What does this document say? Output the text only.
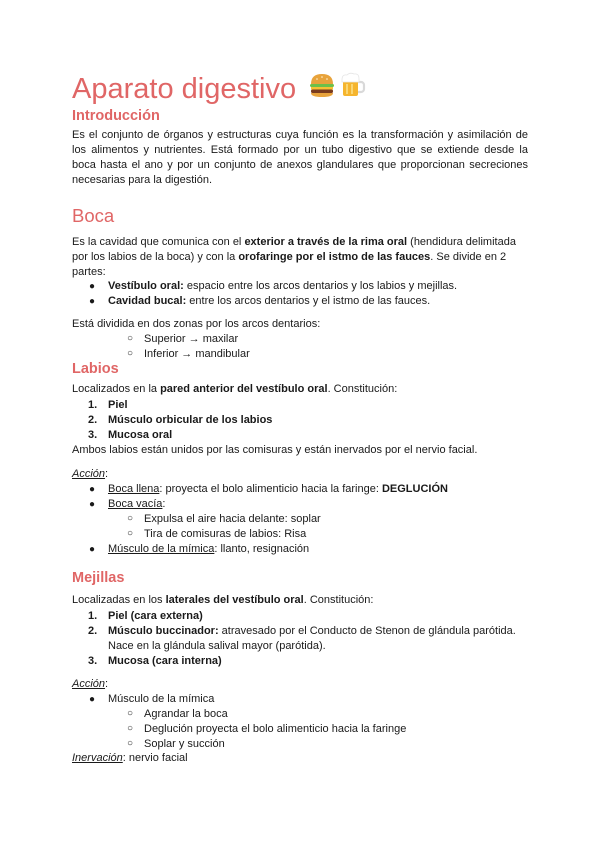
Aparato digestivo
Introducción
Es el conjunto de órganos y estructuras cuya función es la transformación y asimilación de
los alimentos y nutrientes. Está formado por un tubo digestivo que se extiende desde la
boca hasta el ano y por un conjunto de anexos glandulares que proporcionan secreciones
necesarias para la digestión.
Boca
Es la cavidad que comunica con el exterior a través de la rima oral (hendidura delimitada
por los labios de la boca) y con la orofaringe por el istmo de las fauces. Se divide en 2
partes:
● Vestíbulo oral: espacio entre los arcos dentarios y los labios y mejillas.
● Cavidad bucal: entre los arcos dentarios y el istmo de las fauces.
Está dividida en dos zonas por los arcos dentarios:
○ Superior → maxilar
○ Inferior → mandibular
Labios
Localizados en la pared anterior del vestíbulo oral. Constitución:
1. Piel
2. Músculo orbicular de los labios
3. Mucosa oral
Ambos labios están unidos por las comisuras y están inervados por el nervio facial.
Acción:
● Boca llena: proyecta el bolo alimenticio hacia la faringe: DEGLUCIÓN
● Boca vacía:
○ Expulsa el aire hacia delante: soplar
○ Tira de comisuras de labios: Risa
● Músculo de la mímica: llanto, resignación
Mejillas
Localizadas en los laterales del vestíbulo oral. Constitución:
1. Piel (cara externa)
2. Músculo buccinador: atravesado por el Conducto de Stenon de glándula parótida.
Nace en la glándula salival mayor (parótida).
3. Mucosa (cara interna)
Acción:
● Músculo de la mímica
○ Agrandar la boca
○ Deglución proyecta el bolo alimenticio hacia la faringe
○ Soplar y succión
Inervación: nervio facial
